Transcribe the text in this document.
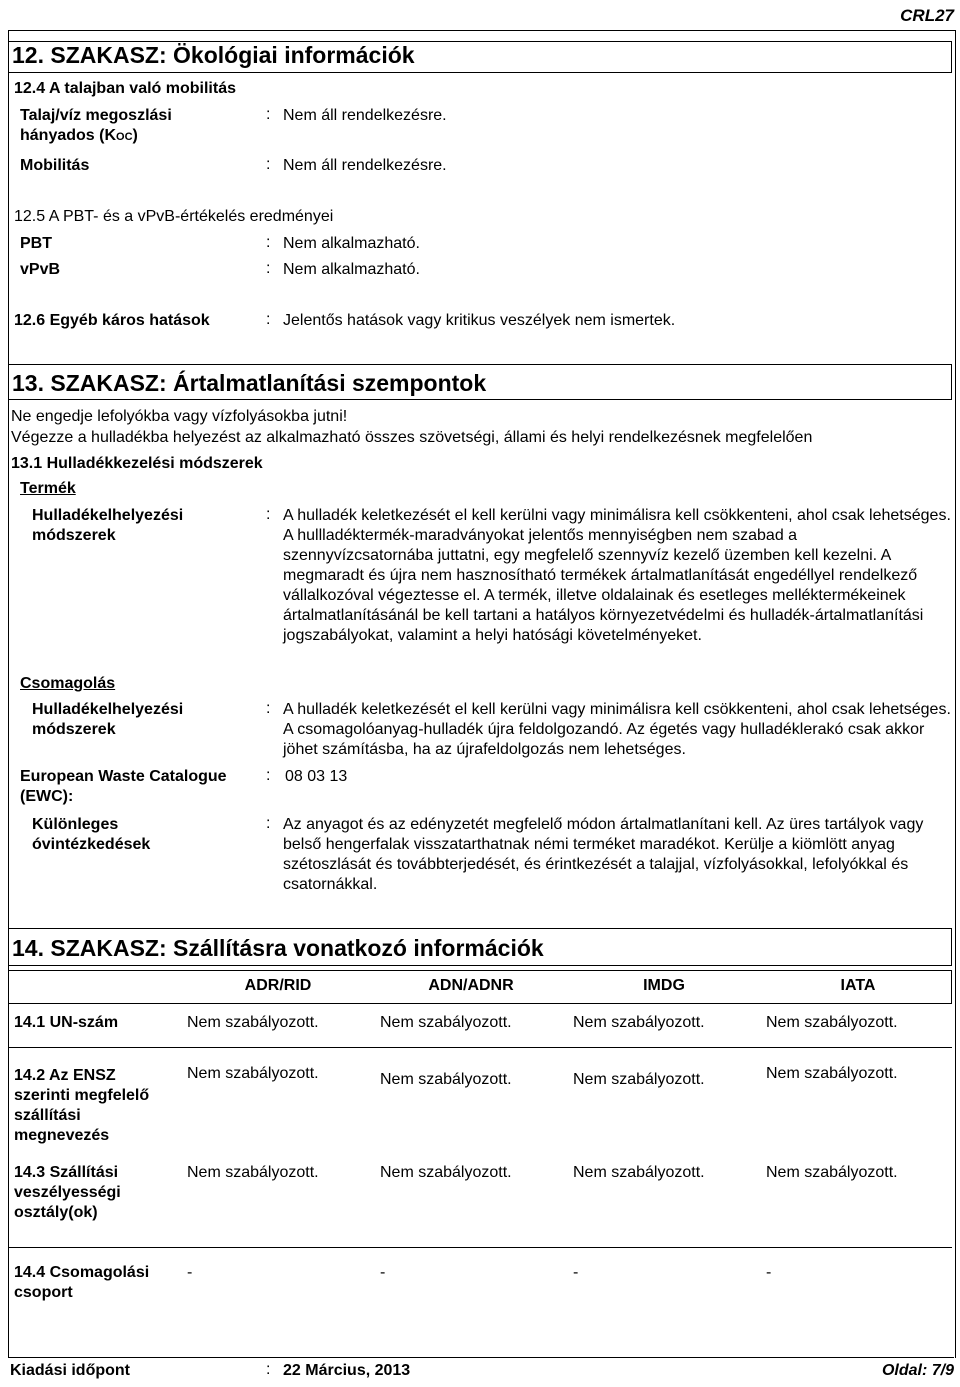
CRL27
12. SZAKASZ: Ökológiai információk
12.4 A talajban való mobilitás
Talaj/víz megoszlási
hányados (KOC)
: Nem áll rendelkezésre.
Mobilitás	: Nem áll rendelkezésre.
12.5 A PBT- és a vPvB-értékelés eredményei
PBT	: Nem alkalmazható.
vPvB	: Nem alkalmazható.
12.6 Egyéb káros hatások	: Jelentős hatások vagy kritikus veszélyek nem ismertek.
13. SZAKASZ: Ártalmatlanítási szempontok
Ne engedje lefolyókba vagy vízfolyásokba jutni!
Végezze a hulladékba helyezést az alkalmazható összes szövetségi, állami és helyi rendelkezésnek megfelelően
13.1 Hulladékkezelési módszerek
Termék
Hulladékelhelyezési módszerek
: A hulladék keletkezését el kell kerülni vagy minimálisra kell csökkenteni, ahol csak lehetséges. A hullladéktermék-maradványokat jelentős mennyiségben nem szabad a szennyvízcsatornába juttatni, egy megfelelő szennyvíz kezelő üzemben kell kezelni. A megmaradt és újra nem hasznosítható termékek ártalmatlanítását engedéllyel rendelkező vállalkozóval végeztesse el. A termék, illetve oldalainak és esetleges melléktermékeinek ártalmatlanításánál be kell tartani a hatályos környezetvédelmi és hulladék-ártalmatlanítási jogszabályokat, valamint a helyi hatósági követelményeket.
Csomagolás
Hulladékelhelyezési módszerek
: A hulladék keletkezését el kell kerülni vagy minimálisra kell csökkenteni, ahol csak lehetséges. A csomagolóanyag-hulladék újra feldolgozandó. Az égetés vagy hulladéklerakó csak akkor jöhet számításba, ha az újrafeldolgozás nem lehetséges.
European Waste Catalogue (EWC):
: 08 03 13
Különleges óvintézkedések
: Az anyagot és az edényzetét megfelelő módon ártalmatlanítani kell. Az üres tartályok vagy belső hengerfalak visszatarthatnak némi terméket maradékot. Kerülje a kiömlött anyag szétoszlását és továbbterjedését, és érintkezését a talajjal, vízfolyásokkal, lefolyókkal és csatornákkal.
14. SZAKASZ: Szállításra vonatkozó információk
ADR/RID	ADN/ADNR	IMDG	IATA
14.1 UN-szám	Nem szabályozott.	Nem szabályozott.	Nem szabályozott.	Nem szabályozott.
14.2 Az ENSZ szerinti megfelelő szállítási megnevezés
Nem szabályozott.	Nem szabályozott.	Nem szabályozott.	Nem szabályozott.
14.3 Szállítási veszélyességi osztály(ok)
Nem szabályozott.	Nem szabályozott.	Nem szabályozott.	Nem szabályozott.
14.4 Csomagolási csoport
-	-	-	-
Kiadási időpont	: 22 Március, 2013	Oldal: 7/9
